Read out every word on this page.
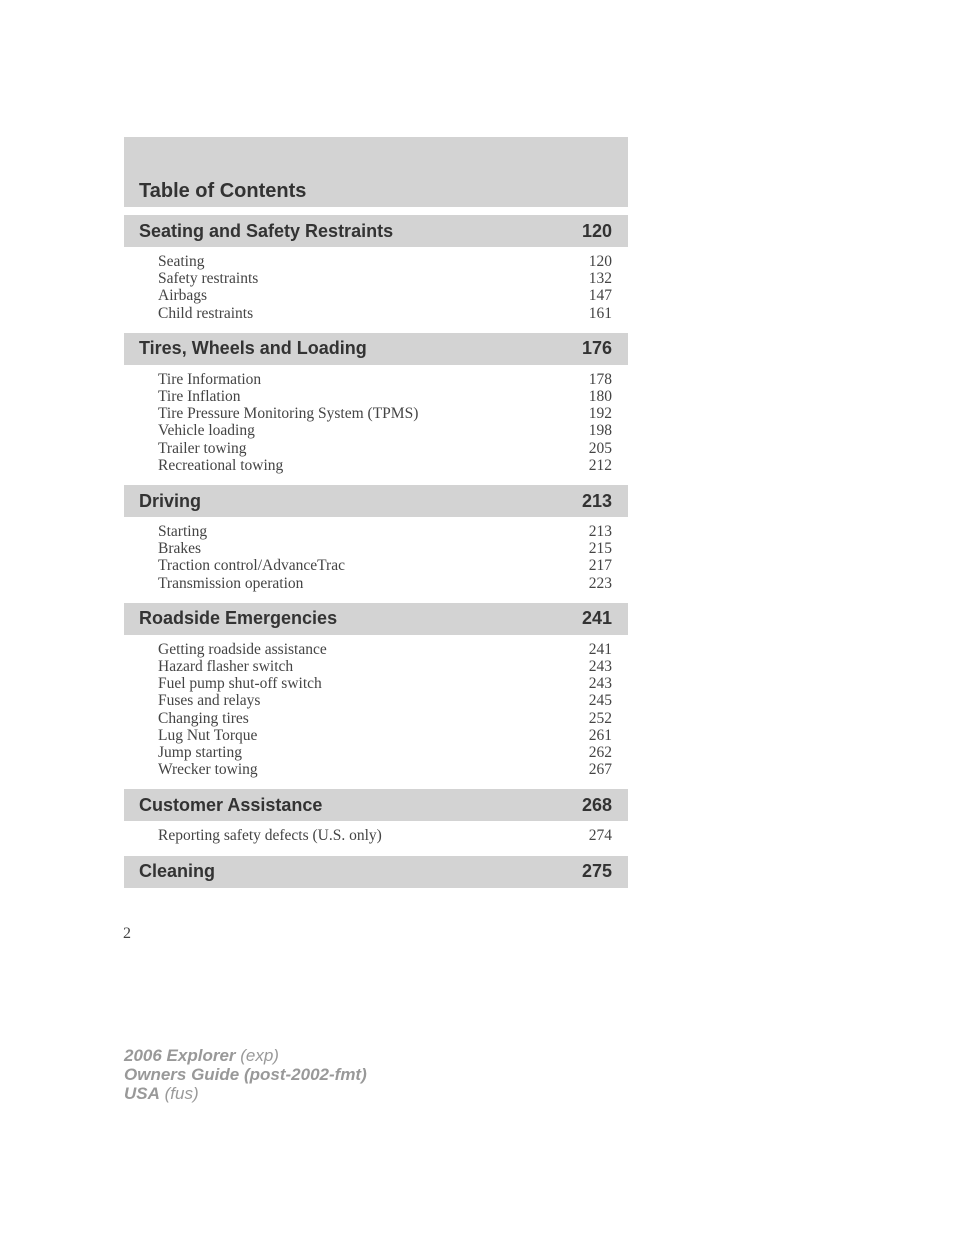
Table of Contents
Seating and Safety Restraints	120
Seating	120
Safety restraints	132
Airbags	147
Child restraints	161
Tires, Wheels and Loading	176
Tire Information	178
Tire Inflation	180
Tire Pressure Monitoring System (TPMS)	192
Vehicle loading	198
Trailer towing	205
Recreational towing	212
Driving	213
Starting	213
Brakes	215
Traction control/AdvanceTrac	217
Transmission operation	223
Roadside Emergencies	241
Getting roadside assistance	241
Hazard flasher switch	243
Fuel pump shut-off switch	243
Fuses and relays	245
Changing tires	252
Lug Nut Torque	261
Jump starting	262
Wrecker towing	267
Customer Assistance	268
Reporting safety defects (U.S. only)	274
Cleaning	275
2
2006 Explorer (exp)
Owners Guide (post-2002-fmt)
USA (fus)
